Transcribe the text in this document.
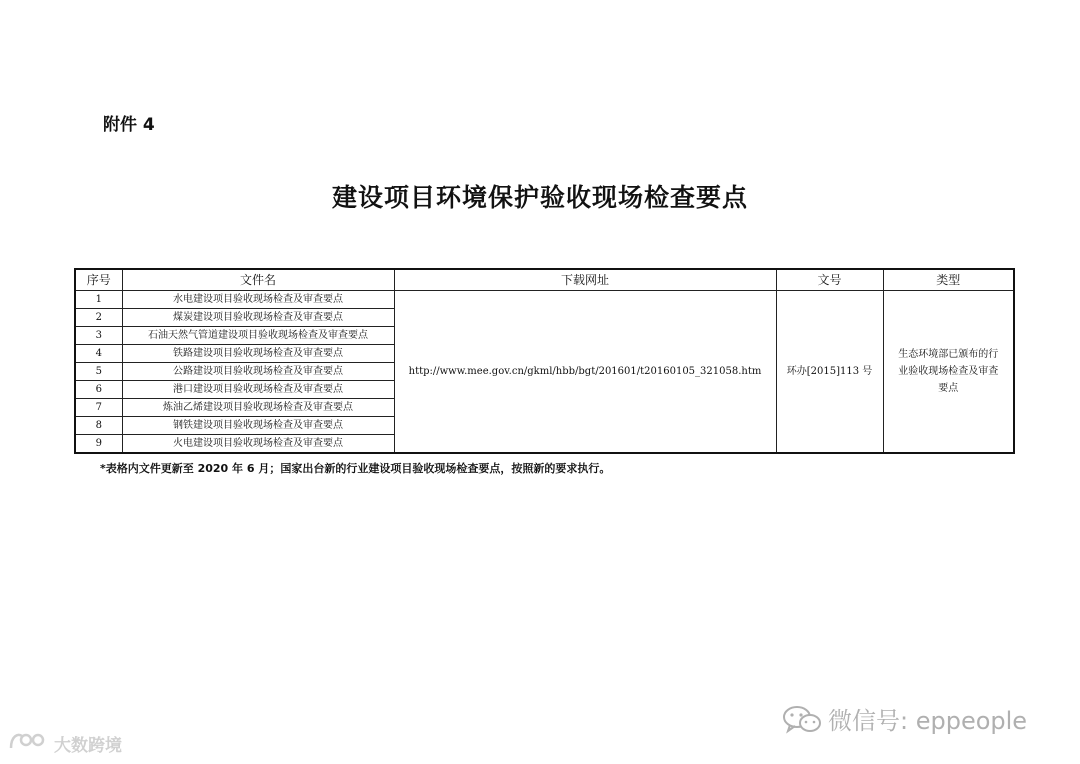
附件 4
建设项目环境保护验收现场检查要点
序号	文件名	下载网址	文号	类型
1	水电建设项目验收现场检查及审查要点	http://www.mee.gov.cn/gkml/hbb/bgt/201601/t20160105_321058.htm	环办[2015]113 号	生态环境部已颁布的行业验收现场检查及审查要点
2	煤炭建设项目验收现场检查及审查要点			
3	石油天然气管道建设项目验收现场检查及审查要点			
4	铁路建设项目验收现场检查及审查要点			
5	公路建设项目验收现场检查及审查要点			
6	港口建设项目验收现场检查及审查要点			
7	炼油乙烯建设项目验收现场检查及审查要点			
8	钢铁建设项目验收现场检查及审查要点			
9	火电建设项目验收现场检查及审查要点			
*表格内文件更新至 2020 年 6 月；国家出台新的行业建设项目验收现场检查要点，按照新的要求执行。
微信号: eppeople
大数跨境
